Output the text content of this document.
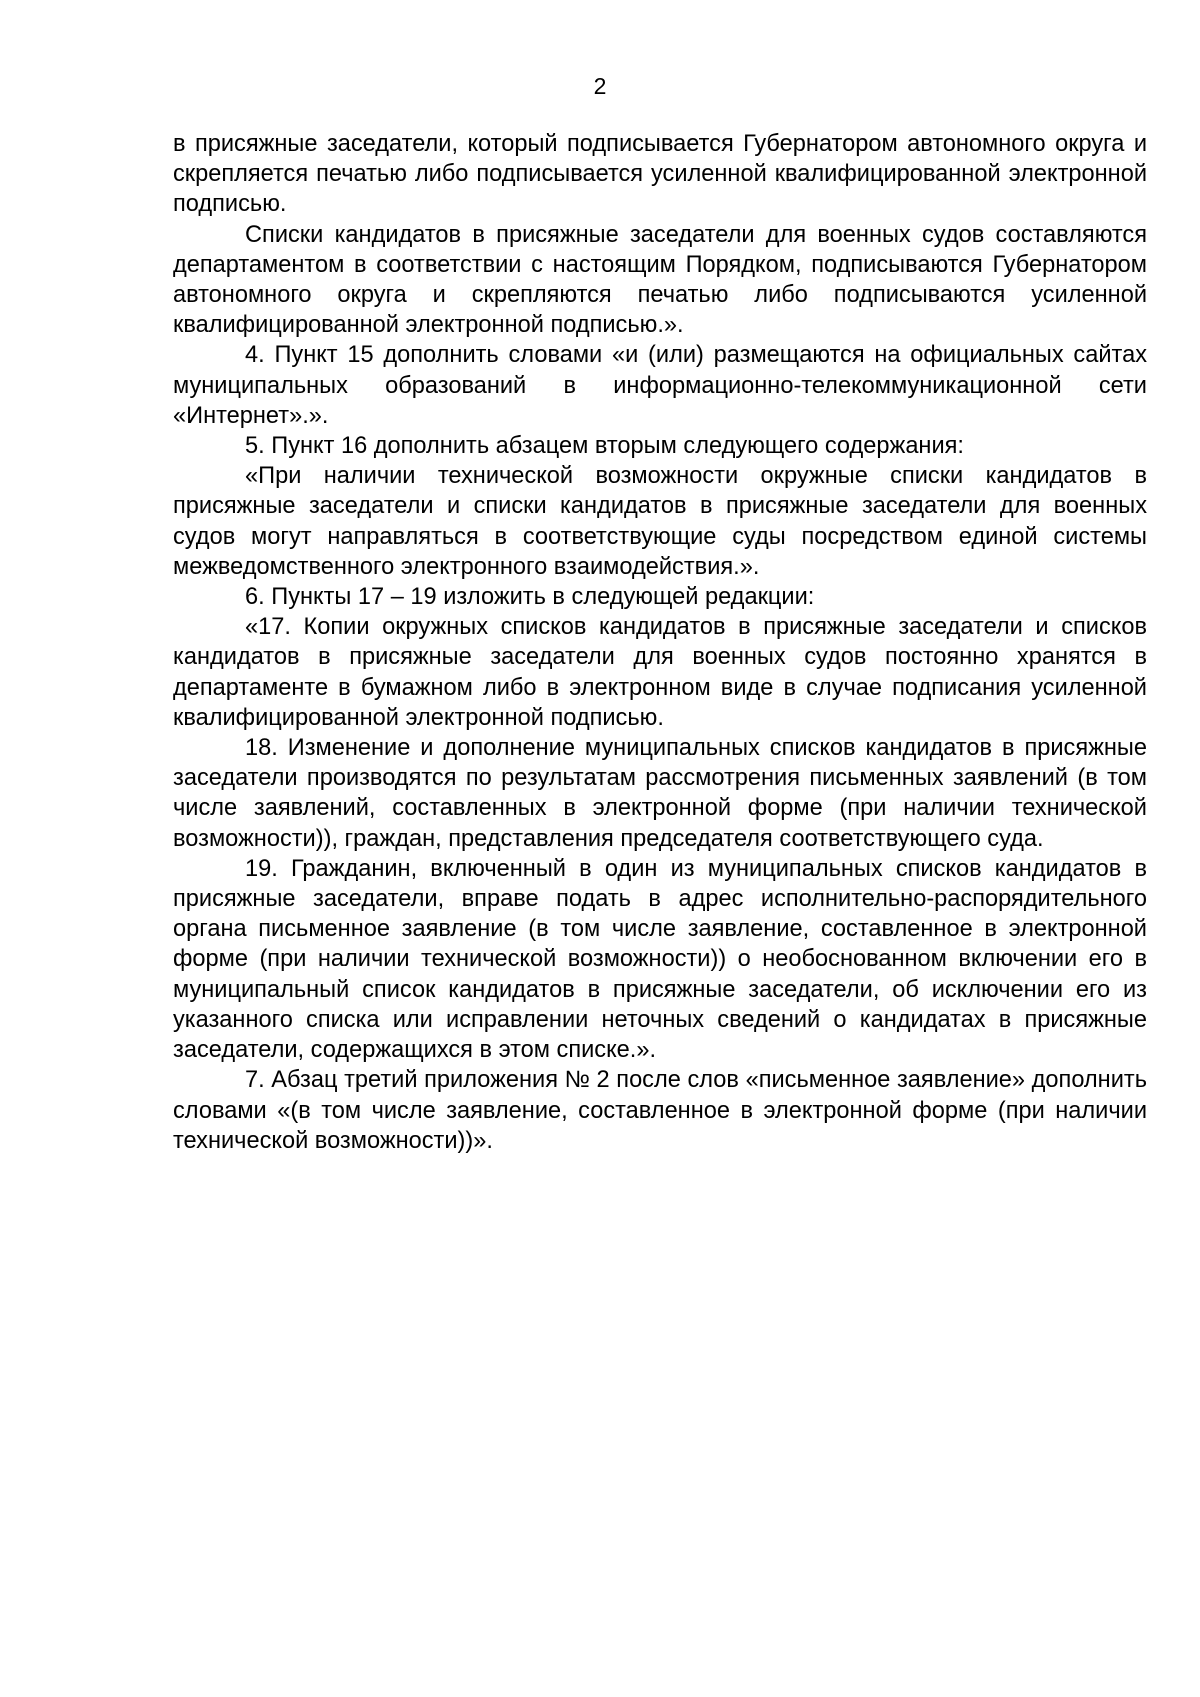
2

в присяжные заседатели, который подписывается Губернатором автономного округа и скрепляется печатью либо подписывается усиленной квалифицированной электронной подписью.

Списки кандидатов в присяжные заседатели для военных судов составляются департаментом в соответствии с настоящим Порядком, подписываются Губернатором автономного округа и скрепляются печатью либо подписываются усиленной квалифицированной электронной подписью.».

4. Пункт 15 дополнить словами «и (или) размещаются на официальных сайтах муниципальных образований в информационно-телекоммуникационной сети «Интернет».».

5. Пункт 16 дополнить абзацем вторым следующего содержания:

«При наличии технической возможности окружные списки кандидатов в присяжные заседатели и списки кандидатов в присяжные заседатели для военных судов могут направляться в соответствующие суды посредством единой системы межведомственного электронного взаимодействия.».

6. Пункты 17 – 19 изложить в следующей редакции:

«17. Копии окружных списков кандидатов в присяжные заседатели и списков кандидатов в присяжные заседатели для военных судов постоянно хранятся в департаменте в бумажном либо в электронном виде в случае подписания усиленной квалифицированной электронной подписью.

18. Изменение и дополнение муниципальных списков кандидатов в присяжные заседатели производятся по результатам рассмотрения письменных заявлений (в том числе заявлений, составленных в электронной форме (при наличии технической возможности)), граждан, представления председателя соответствующего суда.

19. Гражданин, включенный в один из муниципальных списков кандидатов в присяжные заседатели, вправе подать в адрес исполнительно-распорядительного органа письменное заявление (в том числе заявление, составленное в электронной форме (при наличии технической возможности)) о необоснованном включении его в муниципальный список кандидатов в присяжные заседатели, об исключении его из указанного списка или исправлении неточных сведений о кандидатах в присяжные заседатели, содержащихся в этом списке.».

7. Абзац третий приложения № 2 после слов «письменное заявление» дополнить словами «(в том числе заявление, составленное в электронной форме (при наличии технической возможности))».
